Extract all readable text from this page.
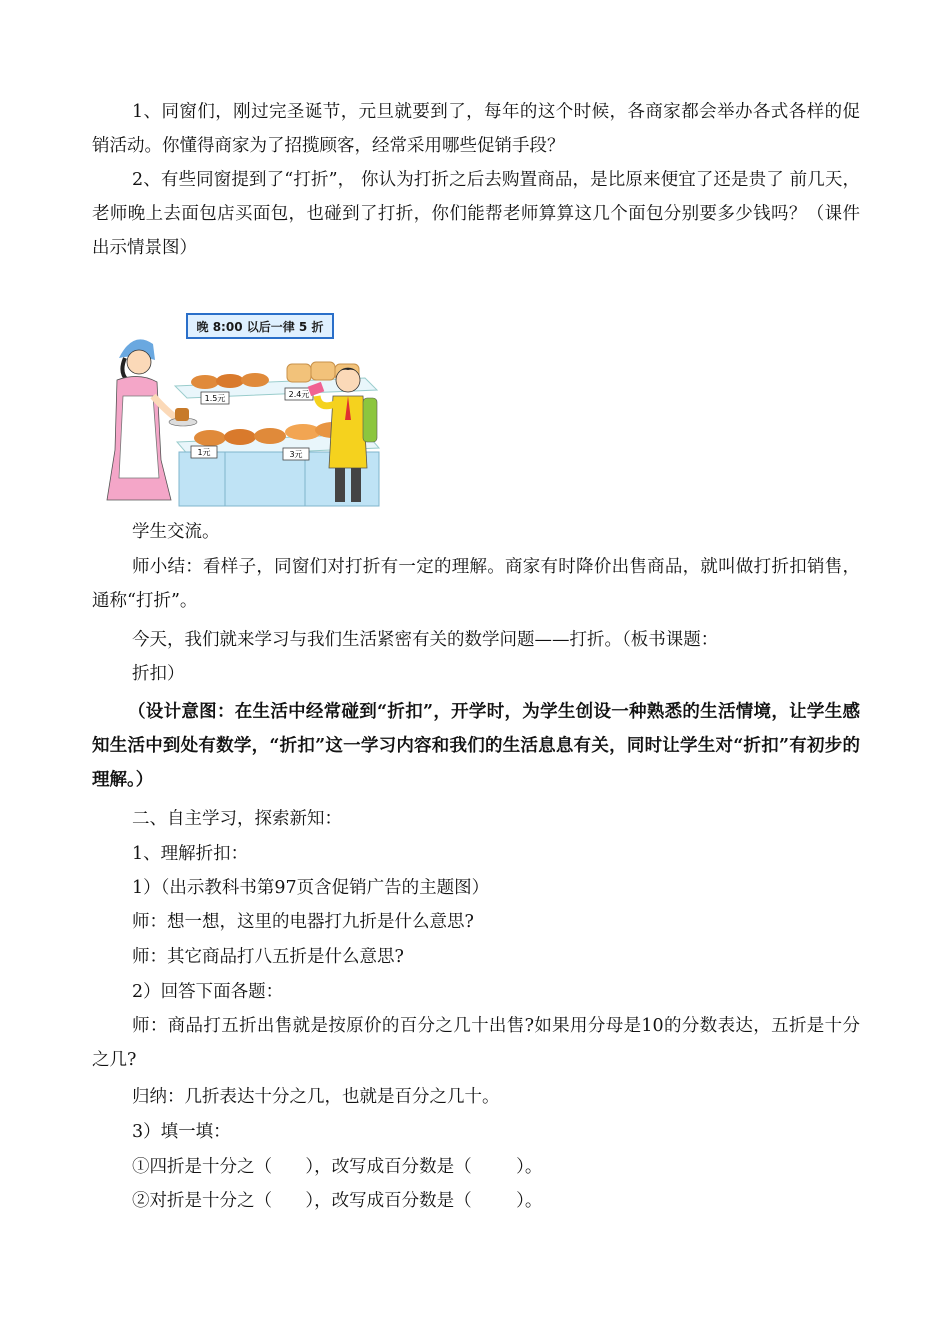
1、同窗们，刚过完圣诞节，元旦就要到了，每年的这个时候，各商家都会举办各式各样的促销活动。你懂得商家为了招揽顾客，经常采用哪些促销手段？

2、有些同窗提到了“打折”， 你认为打折之后去购置商品，是比原来便宜了还是贵了 前几天，老师晚上去面包店买面包，也碰到了打折，你们能帮老师算算这几个面包分别要多少钱吗？（课件出示情景图）

晚 8:00 以后一律 5 折
1.5元	2.4元
1元	3元

学生交流。

师小结：看样子，同窗们对打折有一定的理解。商家有时降价出售商品，就叫做打折扣销售，通称“打折”。

今天，我们就来学习与我们生活紧密有关的数学问题——打折。（板书课题：

折扣）

（设计意图：在生活中经常碰到“折扣”，开学时，为学生创设一种熟悉的生活情境，让学生感知生活中到处有数学，“折扣”这一学习内容和我们的生活息息有关，同时让学生对“折扣”有初步的理解。）

二、自主学习，探索新知：

1、理解折扣：

1）（出示教科书第97页含促销广告的主题图）

师：想一想，这里的电器打九折是什么意思?

师：其它商品打八五折是什么意思?

2）回答下面各题：

师：商品打五折出售就是按原价的百分之几十出售?如果用分母是10的分数表达，五折是十分之几?

归纳：几折表达十分之几，也就是百分之几十。

3）填一填：

①四折是十分之（      ），改写成百分数是（        ）。

②对折是十分之（      ），改写成百分数是（        ）。
